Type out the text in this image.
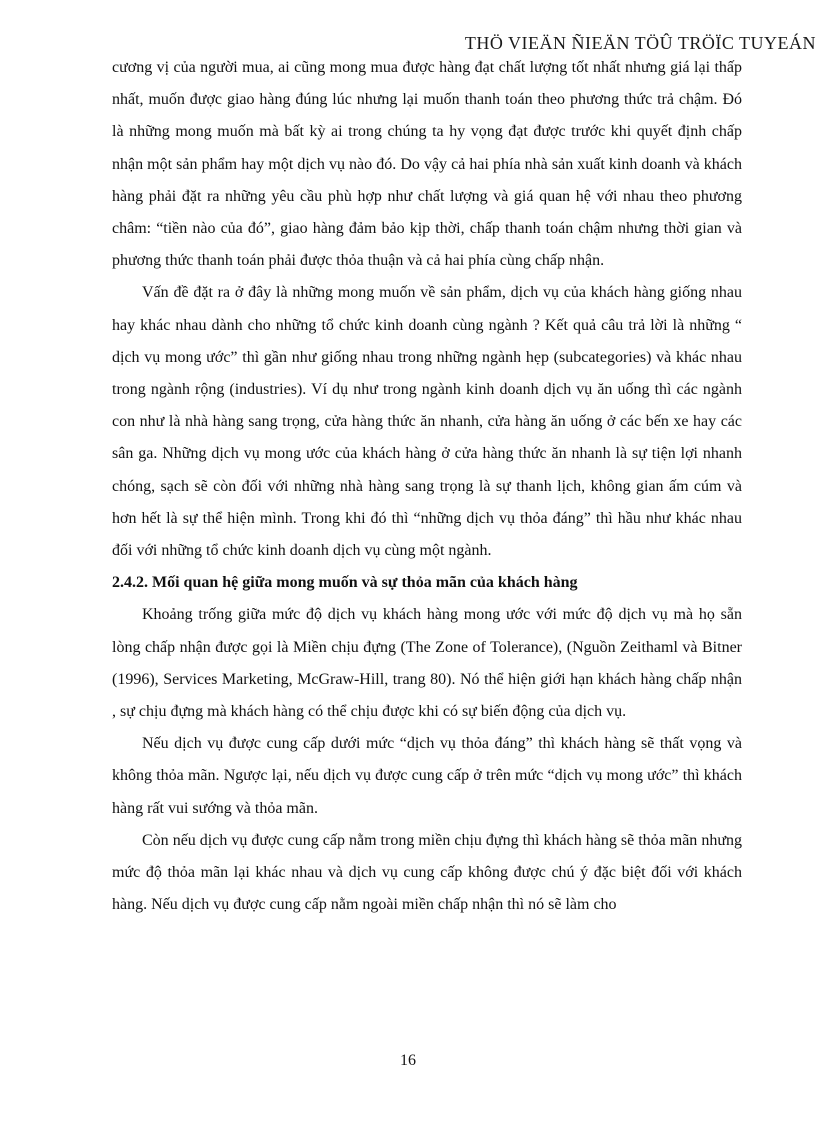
THÖ VIEÄN ÑIEÄN TÖÛ TRÖÏC TUYEÁN

cương vị của người mua, ai cũng mong mua được hàng đạt chất lượng tốt nhất nhưng giá lại thấp nhất, muốn được giao hàng đúng lúc nhưng lại muốn thanh toán theo phương thức trả chậm. Đó là những mong muốn mà bất kỳ ai trong chúng ta hy vọng đạt được trước khi quyết định chấp nhận một sản phẩm hay một dịch vụ nào đó. Do vậy cả hai phía nhà sản xuất kinh doanh và khách hàng phải đặt ra những yêu cầu phù hợp như chất lượng và giá quan hệ với nhau theo phương châm: “tiền nào của đó”, giao hàng đảm bảo kịp thời, chấp thanh toán chậm nhưng thời gian và phương thức thanh toán phải được thỏa thuận và cả hai phía cùng chấp nhận.

Vấn đề đặt ra ở đây là những mong muốn về sản phẩm, dịch vụ của khách hàng giống nhau hay khác nhau dành cho những tổ chức kinh doanh cùng ngành ? Kết quả câu trả lời là những “ dịch vụ mong ước” thì gần như giống nhau trong những ngành hẹp (subcategories) và khác nhau trong ngành rộng (industries). Ví dụ như trong ngành kinh doanh dịch vụ ăn uống thì các ngành con như là nhà hàng sang trọng, cửa hàng thức ăn nhanh, cửa hàng ăn uống ở các bến xe hay các sân ga. Những dịch vụ mong ước của khách hàng ở cửa hàng thức ăn nhanh là sự tiện lợi nhanh chóng, sạch sẽ còn đối với những nhà hàng sang trọng là sự thanh lịch, không gian ấm cúm và hơn hết là sự thể hiện mình. Trong khi đó thì “những dịch vụ thỏa đáng” thì hầu như khác nhau đối với những tổ chức kinh doanh dịch vụ cùng một ngành.

2.4.2. Mối quan hệ giữa mong muốn và sự thỏa mãn của khách hàng

Khoảng trống giữa mức độ dịch vụ khách hàng mong ước với mức độ dịch vụ mà họ sẵn lòng chấp nhận được gọi là Miền chịu đựng (The Zone of Tolerance), (Nguồn Zeithaml và Bitner (1996), Services Marketing, McGraw-Hill, trang 80). Nó thể hiện giới hạn khách hàng chấp nhận , sự chịu đựng mà khách hàng có thể chịu được khi có sự biến động của dịch vụ.

Nếu dịch vụ được cung cấp dưới mức “dịch vụ thỏa đáng” thì khách hàng sẽ thất vọng và không thỏa mãn. Ngược lại, nếu dịch vụ được cung cấp ở trên mức “dịch vụ mong ước” thì khách hàng rất vui sướng và thỏa mãn.

Còn nếu dịch vụ được cung cấp nằm trong miền chịu đựng thì khách hàng sẽ thỏa mãn nhưng mức độ thỏa mãn lại khác nhau và dịch vụ cung cấp không được chú ý đặc biệt đối với khách hàng. Nếu dịch vụ được cung cấp nằm ngoài miền chấp nhận thì nó sẽ làm cho

16
